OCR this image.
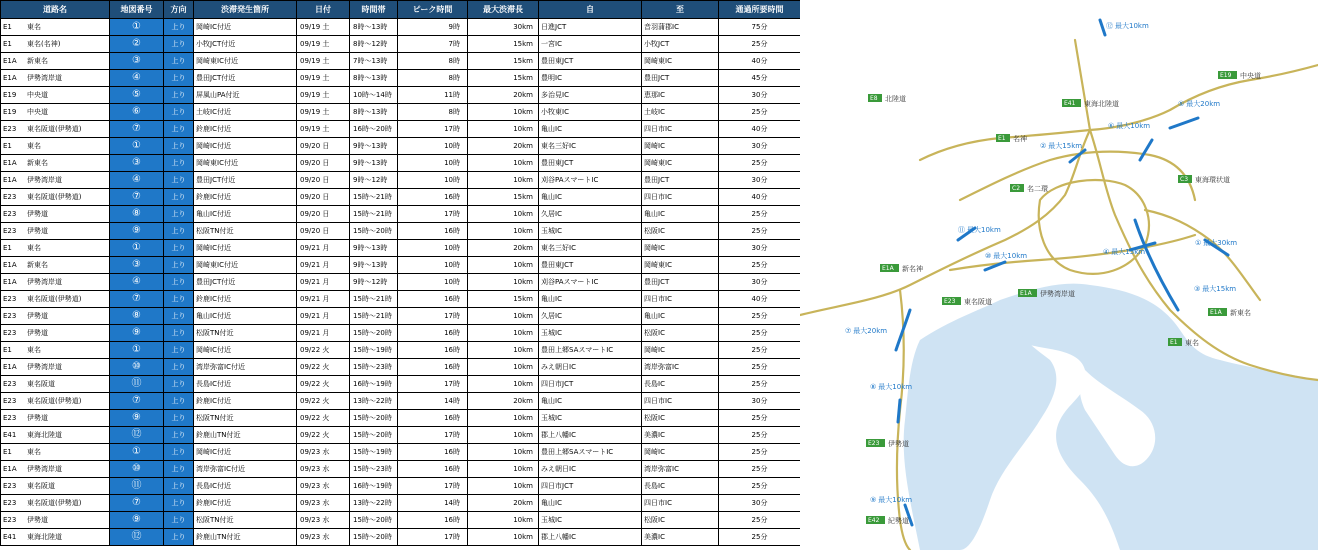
道路名	地図番号	方向	渋滞発生箇所	日付	時間帯	ピーク時間	最大渋滞長	自	至	通過所要時間
E1 東名	①	上り	岡崎IC付近	09/19 土	8時～13時	9時	30km	日進JCT	音羽蒲郡IC	75分
E1 東名(名神)	②	上り	小牧JCT付近	09/19 土	8時～12時	7時	15km	一宮IC	小牧JCT	25分
E1A 新東名	③	上り	岡崎東IC付近	09/19 土	7時～13時	8時	15km	豊田東JCT	岡崎東IC	40分
E1A 伊勢湾岸道	④	上り	豊田JCT付近	09/19 土	8時～13時	8時	15km	豊明IC	豊田JCT	45分
E19 中央道	⑤	上り	屏風山PA付近	09/19 土	10時～14時	11時	20km	多治見IC	恵那IC	30分
E19 中央道	⑥	上り	土岐IC付近	09/19 土	8時～13時	8時	10km	小牧東IC	土岐IC	25分
E23 東名阪道(伊勢道)	⑦	上り	鈴鹿IC付近	09/19 土	16時～20時	17時	10km	亀山IC	四日市IC	40分
E1 東名	①	上り	岡崎IC付近	09/20 日	9時～13時	10時	20km	東名三好IC	岡崎IC	30分
E1A 新東名	③	上り	岡崎東IC付近	09/20 日	9時～13時	10時	10km	豊田東JCT	岡崎東IC	25分
E1A 伊勢湾岸道	④	上り	豊田JCT付近	09/20 日	9時～12時	10時	10km	刈谷PAスマートIC	豊田JCT	30分
E23 東名阪道(伊勢道)	⑦	上り	鈴鹿IC付近	09/20 日	15時～21時	16時	15km	亀山IC	四日市IC	40分
E23 伊勢道	⑧	上り	亀山IC付近	09/20 日	15時～21時	17時	10km	久居IC	亀山IC	25分
E23 伊勢道	⑨	上り	松阪TN付近	09/20 日	15時～20時	16時	10km	玉城IC	松阪IC	25分
E1 東名	①	上り	岡崎IC付近	09/21 月	9時～13時	10時	20km	東名三好IC	岡崎IC	30分
E1A 新東名	③	上り	岡崎東IC付近	09/21 月	9時～13時	10時	10km	豊田東JCT	岡崎東IC	25分
E1A 伊勢湾岸道	④	上り	豊田JCT付近	09/21 月	9時～12時	10時	10km	刈谷PAスマートIC	豊田JCT	30分
E23 東名阪道(伊勢道)	⑦	上り	鈴鹿IC付近	09/21 月	15時～21時	16時	15km	亀山IC	四日市IC	40分
E23 伊勢道	⑧	上り	亀山IC付近	09/21 月	15時～21時	17時	10km	久居IC	亀山IC	25分
E23 伊勢道	⑨	上り	松阪TN付近	09/21 月	15時～20時	16時	10km	玉城IC	松阪IC	25分
E1 東名	①	上り	岡崎IC付近	09/22 火	15時～19時	16時	10km	豊田上郷SAスマートIC	岡崎IC	25分
E1A 伊勢湾岸道	⑩	上り	湾岸弥富IC付近	09/22 火	15時～23時	16時	10km	みえ朝日IC	湾岸弥富IC	25分
E23 東名阪道	⑪	上り	長島IC付近	09/22 火	16時～19時	17時	10km	四日市JCT	長島IC	25分
E23 東名阪道(伊勢道)	⑦	上り	鈴鹿IC付近	09/22 火	13時～22時	14時	20km	亀山IC	四日市IC	30分
E23 伊勢道	⑨	上り	松阪TN付近	09/22 火	15時～20時	16時	10km	玉城IC	松阪IC	25分
E41 東海北陸道	⑫	上り	鈴鹿山TN付近	09/22 火	15時～20時	17時	10km	郡上八幡IC	美濃IC	25分
E1 東名	①	上り	岡崎IC付近	09/23 水	15時～19時	16時	10km	豊田上郷SAスマートIC	岡崎IC	25分
E1A 伊勢湾岸道	⑩	上り	湾岸弥富IC付近	09/23 水	15時～23時	16時	10km	みえ朝日IC	湾岸弥富IC	25分
E23 東名阪道	⑪	上り	長島IC付近	09/23 水	16時～19時	17時	10km	四日市JCT	長島IC	25分
E23 東名阪道(伊勢道)	⑦	上り	鈴鹿IC付近	09/23 水	13時～22時	14時	20km	亀山IC	四日市IC	30分
E23 伊勢道	⑨	上り	松阪TN付近	09/23 水	15時～20時	16時	10km	玉城IC	松阪IC	25分
E41 東海北陸道	⑫	上り	鈴鹿山TN付近	09/23 水	15時～20時	17時	10km	郡上八幡IC	美濃IC	25分
E8 北陸道
E41 東海北陸道
E19 中央道
E1 名神
C2 名二環
C3 東海環状道
E1A 新名神
E23 東名阪道
E1A 伊勢湾岸道
E1A 新東名
E1 東名
E23 伊勢道
E42 紀勢道
⑫ 最大10km
⑤ 最大20km
⑥ 最大10km
② 最大15km
⑪ 最大10km
⑩ 最大10km	④ 最大15km
① 最大30km
③ 最大15km
⑦ 最大20km
⑧ 最大10km
⑨ 最大10km
